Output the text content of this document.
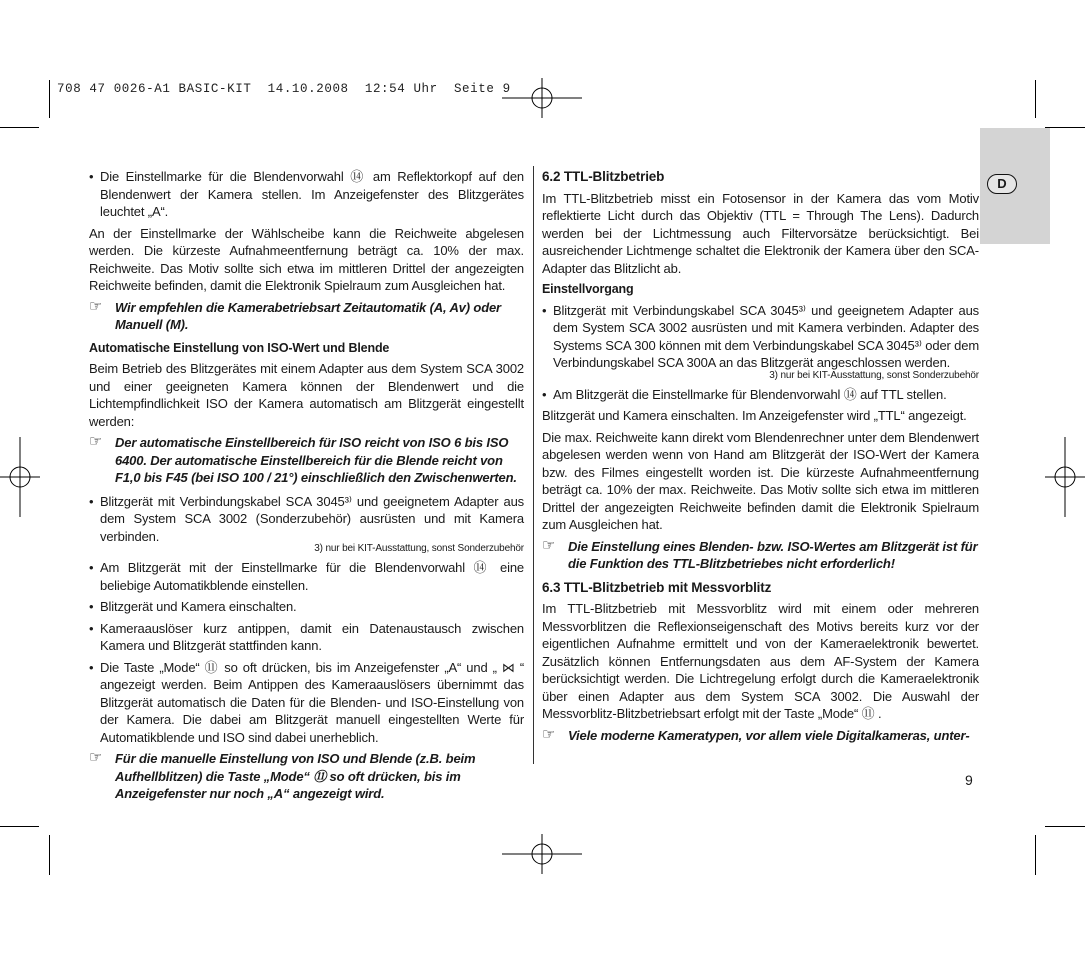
708 47 0026-A1 BASIC-KIT  14.10.2008  12:54 Uhr  Seite 9
D
• Die Einstellmarke für die Blendenvorwahl ⑭ am Reflektorkopf auf den Blendenwert der Kamera stellen. Im Anzeigefenster des Blitzgerätes leuchtet „A“.

An der Einstellmarke der Wählscheibe kann die Reichweite abgelesen werden. Die kürzeste Aufnahmeentfernung beträgt ca. 10% der max. Reichweite. Das Motiv sollte sich etwa im mittleren Drittel der angezeigten Reichweite befinden, damit die Elektronik Spielraum zum Ausgleichen hat.

☞ Wir empfehlen die Kamerabetriebsart Zeitautomatik (A, Av) oder Manuell (M).
Automatische Einstellung von ISO-Wert und Blende

Beim Betrieb des Blitzgerätes mit einem Adapter aus dem System SCA 3002 und einer geeigneten Kamera können der Blendenwert und die Lichtempfindlichkeit ISO der Kamera automatisch am Blitzgerät eingestellt werden:

☞ Der automatische Einstellbereich für ISO reicht von ISO 6 bis ISO 6400. Der automatische Einstellbereich für die Blende reicht von F1,0 bis F45 (bei ISO 100 / 21°) einschließlich den Zwischenwerten.
• Blitzgerät mit Verbindungskabel SCA 3045³⁾ und geeignetem Adapter aus dem System SCA 3002 (Sonderzubehör) ausrüsten und mit Kamera verbinden.
3) nur bei KIT-Ausstattung, sonst Sonderzubehör
• Am Blitzgerät mit der Einstellmarke für die Blendenvorwahl ⑭ eine beliebige Automatikblende einstellen.
• Blitzgerät und Kamera einschalten.
• Kameraauslöser kurz antippen, damit ein Datenaustausch zwischen Kamera und Blitzgerät stattfinden kann.
• Die Taste „Mode“ ⑪ so oft drücken, bis im Anzeigefenster „A“ und „ ⋈ “ angezeigt werden. Beim Antippen des Kameraauslösers übernimmt das Blitzgerät automatisch die Daten für die Blenden- und ISO-Einstellung von der Kamera. Die dabei am Blitzgerät manuell eingestellten Werte für Automatikblende und ISO sind dabei unerheblich.
☞ Für die manuelle Einstellung von ISO und Blende (z.B. beim Aufhellblitzen) die Taste „Mode“ ⑪ so oft drücken, bis im Anzeigefenster nur noch „A“ angezeigt wird.
6.2 TTL-Blitzbetrieb

Im TTL-Blitzbetrieb misst ein Fotosensor in der Kamera das vom Motiv reflektierte Licht durch das Objektiv (TTL = Through The Lens). Dadurch werden bei der Lichtmessung auch Filtervorsätze berücksichtigt. Bei ausreichender Lichtmenge schaltet die Elektronik der Kamera über den SCA-Adapter das Blitzlicht ab.

Einstellvorgang
• Blitzgerät mit Verbindungskabel SCA 3045³⁾ und geeignetem Adapter aus dem System SCA 3002 ausrüsten und mit Kamera verbinden. Adapter des Systems SCA 300 können mit dem Verbindungskabel SCA 3045³⁾ oder dem Verbindungskabel SCA 300A an das Blitzgerät angeschlossen werden.
3) nur bei KIT-Ausstattung, sonst Sonderzubehör
• Am Blitzgerät die Einstellmarke für Blendenvorwahl ⑭ auf TTL stellen.

Blitzgerät und Kamera einschalten. Im Anzeigefenster wird „TTL“ angezeigt.

Die max. Reichweite kann direkt vom Blendenrechner unter dem Blendenwert abgelesen werden wenn von Hand am Blitzgerät der ISO-Wert der Kamera bzw. des Filmes eingestellt worden ist. Die kürzeste Aufnahmeentfernung beträgt ca. 10% der max. Reichweite. Das Motiv sollte sich etwa im mittleren Drittel der angezeigten Reichweite befinden damit die Elektronik Spielraum zum Ausgleichen hat.

☞ Die Einstellung eines Blenden- bzw. ISO-Wertes am Blitzgerät ist für die Funktion des TTL-Blitzbetriebes nicht erforderlich!
6.3 TTL-Blitzbetrieb mit Messvorblitz

Im TTL-Blitzbetrieb mit Messvorblitz wird mit einem oder mehreren Messvorblitzen die Reflexionseigenschaft des Motivs bereits kurz vor der eigentlichen Aufnahme ermittelt und von der Kameraelektronik bewertet. Zusätzlich können Entfernungsdaten aus dem AF-System der Kamera berücksichtigt werden. Die Lichtregelung erfolgt durch die Kameraelektronik über einen Adapter aus dem System SCA 3002. Die Auswahl der Messvorblitz-Blitzbetriebsart erfolgt mit der Taste „Mode“ ⑪ .

☞ Viele moderne Kameratypen, vor allem viele Digitalkameras, unter-
9
